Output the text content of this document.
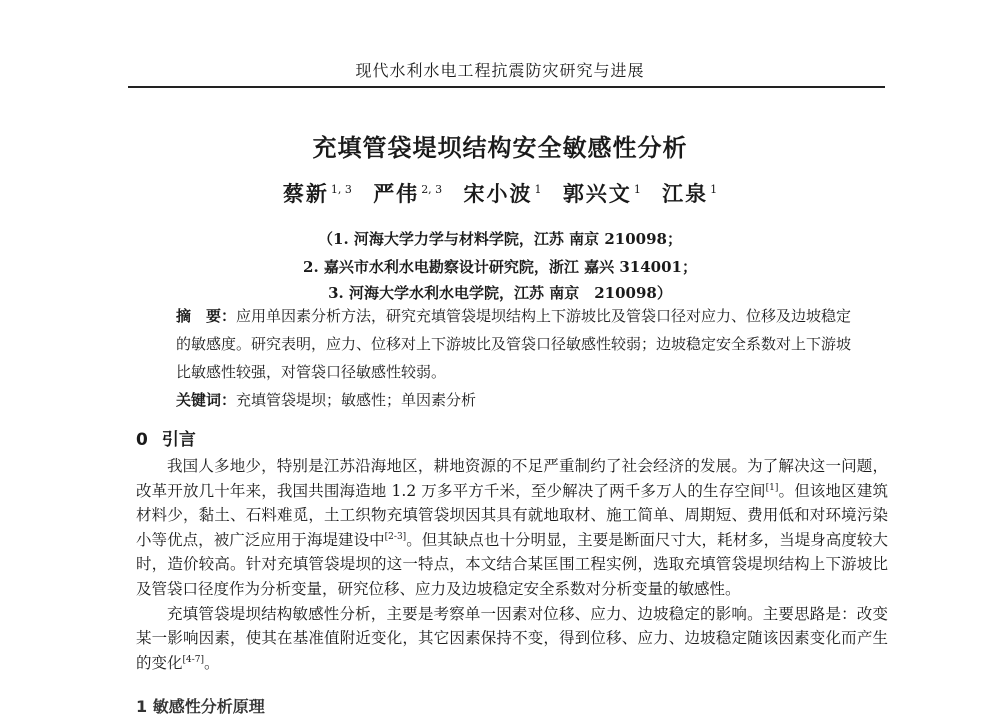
现代水利水电工程抗震防灾研究与进展
充填管袋堤坝结构安全敏感性分析
蔡新 $^{1, 3}$ 严伟 $^{2, 3}$ 宋小波 $^1$ 郭兴文 $^1$ 江泉 $^1$
（1. 河海大学力学与材料学院，江苏 南京 210098；
2. 嘉兴市水利水电勘察设计研究院，浙江 嘉兴 314001；
3. 河海大学水利水电学院，江苏 南京　210098）
摘　要：应用单因素分析方法，研究充填管袋堤坝结构上下游坡比及管袋口径对应力、位移及边坡稳定的敏感度。研究表明，应力、位移对上下游坡比及管袋口径敏感性较弱；边坡稳定安全系数对上下游坡比敏感性较强，对管袋口径敏感性较弱。
关键词：充填管袋堤坝；敏感性；单因素分析
0 引言

我国人多地少，特别是江苏沿海地区，耕地资源的不足严重制约了社会经济的发展。为了解决这一问题，改革开放几十年来，我国共围海造地 1.2 万多平方千米，至少解决了两千多万人的生存空间[1]。但该地区建筑材料少，黏土、石料难觅，土工织物充填管袋坝因其具有就地取材、施工简单、周期短、费用低和对环境污染小等优点，被广泛应用于海堤建设中[2-3]。但其缺点也十分明显，主要是断面尺寸大，耗材多，当堤身高度较大时，造价较高。针对充填管袋堤坝的这一特点，本文结合某匡围工程实例，选取充填管袋堤坝结构上下游坡比及管袋口径度作为分析变量，研究位移、应力及边坡稳定安全系数对分析变量的敏感性。

充填管袋堤坝结构敏感性分析，主要是考察单一因素对位移、应力、边坡稳定的影响。主要思路是：改变某一影响因素，使其在基准值附近变化，其它因素保持不变，得到位移、应力、边坡稳定随该因素变化而产生的变化[4-7]。

1 敏感性分析原理
